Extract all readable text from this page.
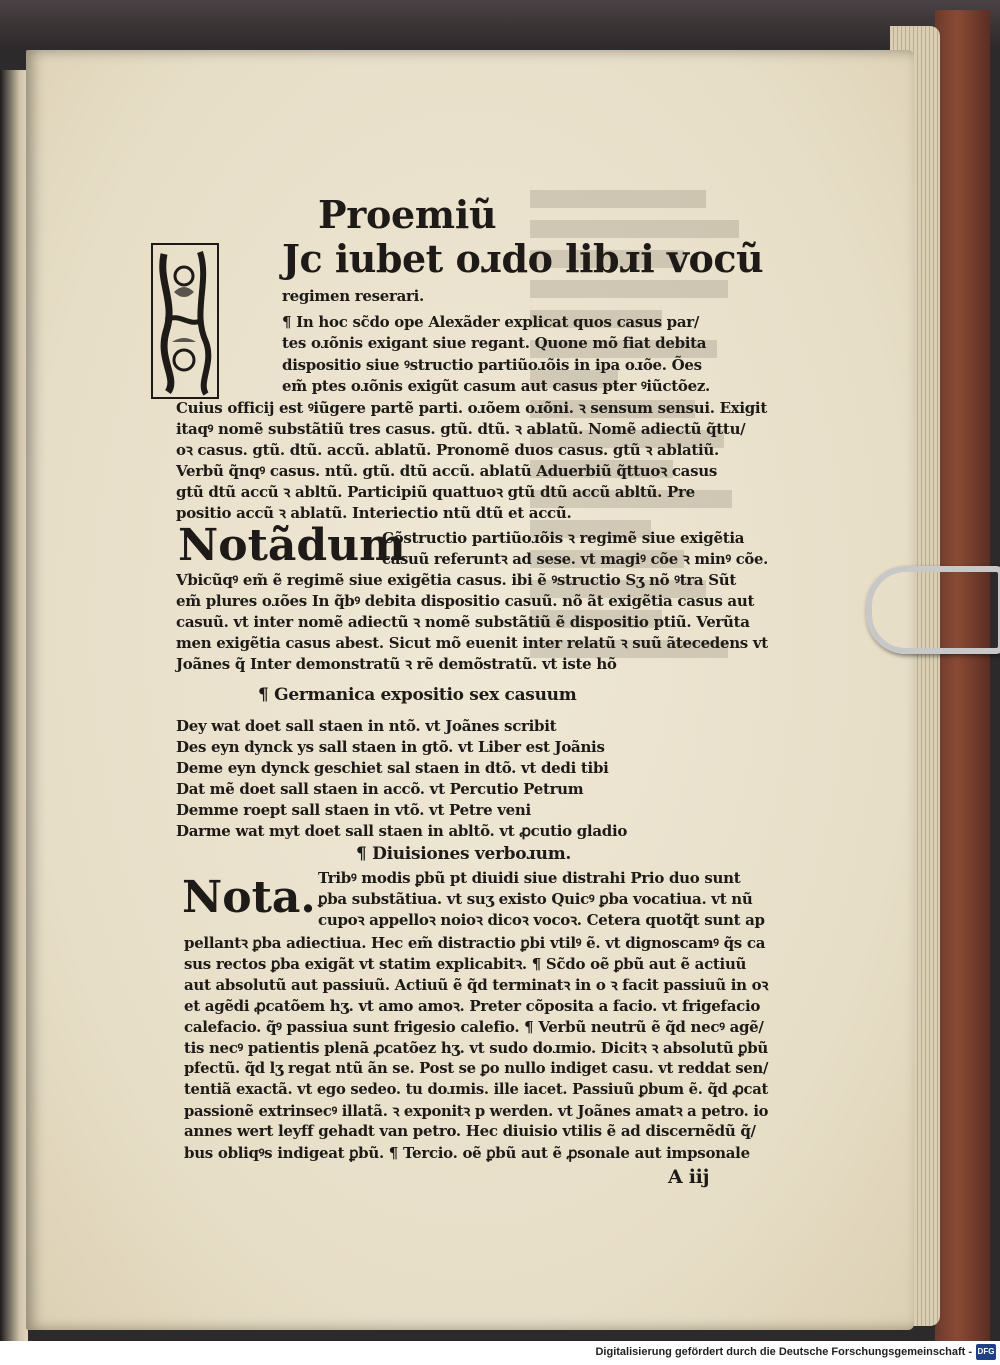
Proemiũ
Jc iubet oɹdo libɹi vocũ
regimen reserari.
¶ In hoc sc̃do ope Alexãder explicat quos casus par/
tes oɹõnis exigant siue regant. Quone mõ fiat debita
dispositio siue ꝰstructio partiũoɹõis in ipa oɹõe. Ões
em̃ ptes oɹõnis exigũt casum aut casus pter ꝰiũctõez.
Cuius officij est ꝰiũgere partẽ parti. oɹõem oɹõni. ꝛ sensum sensui. Exigit
itaqꝰ nomẽ substãtiũ tres casus. gtũ. dtũ. ꝛ ablatũ. Nomẽ adiectũ q̃ttu/
oꝛ casus. gtũ. dtũ. accũ. ablatũ. Pronomẽ duos casus. gtũ ꝛ ablatiũ.
Verbũ q̃nqꝰ casus. ntũ. gtũ. dtũ accũ. ablatũ Aduerbiũ q̃ttuoꝛ casus
gtũ dtũ accũ ꝛ abltũ. Participiũ quattuoꝛ gtũ dtũ accũ abltũ. Pre
positio accũ ꝛ ablatũ. Interiectio ntũ dtũ et accũ.
Notãdum
Cõstructio partiũoɹõis ꝛ regimẽ siue exigẽtia
casuũ referuntꝛ ad sese. vt magiꝰ cõe ꝛ minꝰ cõe.
Vbicũqꝰ em̃ ẽ regimẽ siue exigẽtia casus. ibi ẽ ꝰstructio Sʒ nõ ꝰtra Sũt
em̃ plures oɹões In q̃bꝰ debita dispositio casuũ. nõ ãt exigẽtia casus aut
casuũ. vt inter nomẽ adiectũ ꝛ nomẽ substãtiũ ẽ dispositio ptiũ. Verũta
men exigẽtia casus abest. Sicut mõ euenit inter relatũ ꝛ suũ ãtecedens vt
Joãnes q̃ Inter demonstratũ ꝛ rẽ demõstratũ. vt iste hõ
¶ Germanica expositio sex casuum
Dey wat doet sall staen in ntõ. vt Joãnes scribit
Des eyn dynck ys sall staen in gtõ. vt Liber est Joãnis
Deme eyn dynck geschiet sal staen in dtõ. vt dedi tibi
Dat mẽ doet sall staen in accõ. vt Percutio Petrum
Demme roept sall staen in vtõ. vt Petre veni
Darme wat myt doet sall staen in abltõ. vt ꝓcutio gladio
¶ Diuisiones verboɹum.
Nota. Tribꝰ modis ꝑbũ pt diuidi siue distrahi Prio duo sunt
ꝑba substãtiua. vt suʒ existo Quicꝰ ꝑba vocatiua. vt nũ
cupoꝛ appelloꝛ noioꝛ dicoꝛ vocoꝛ. Cetera quotq̃t sunt ap
pellantꝛ ꝑba adiectiua. Hec em̃ distractio ꝑbi vtilꝰ ẽ. vt dignoscamꝰ q̃s ca
sus rectos ꝑba exigãt vt statim explicabitꝛ. ¶ Sc̃do oẽ ꝑbũ aut ẽ actiuũ
aut absolutũ aut passiuũ. Actiuũ ẽ q̃d terminatꝛ in o ꝛ facit passiuũ in oꝛ
et agẽdi ꝓcatõem hʒ. vt amo amoꝛ. Preter cõposita a facio. vt frigefacio
calefacio. q̃ꝰ passiua sunt frigesio calefio. ¶ Verbũ neutrũ ẽ q̃d necꝰ agẽ/
tis necꝰ patientis plenã ꝓcatõez hʒ. vt sudo doɹmio. Dicitꝛ ꝛ absolutũ ꝑbũ
pfectũ. q̃d lʒ regat ntũ ãn se. Post se ꝑo nullo indiget casu. vt reddat sen/
tentiã exactã. vt ego sedeo. tu doɹmis. ille iacet. Passiuũ ꝑbum ẽ. q̃d ꝓcat
passionẽ extrinsecꝰ illatã. ꝛ exponitꝛ p werden. vt Joãnes amatꝛ a petro. io
annes wert leyff gehadt van petro. Hec diuisio vtilis ẽ ad discernẽdũ q̃/
bus obliqꝰs indigeat ꝑbũ. ¶ Tercio. oẽ ꝑbũ aut ẽ ꝓsonale aut impsonale
A iij
Digitalisierung gefördert durch die Deutsche Forschungsgemeinschaft - DFG
